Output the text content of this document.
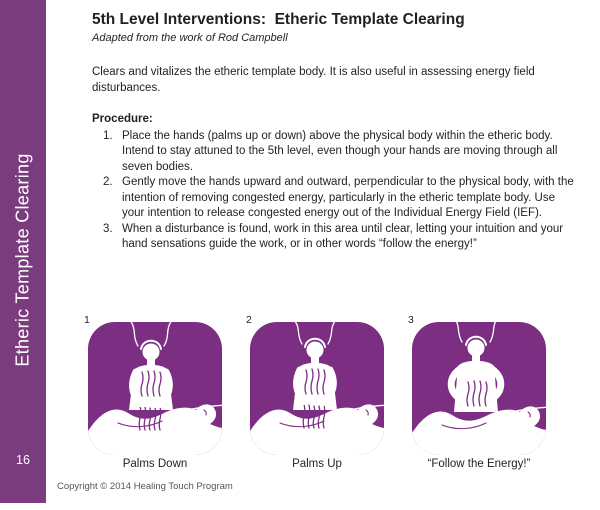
Etheric Template Clearing
16
5th Level Interventions:  Etheric Template Clearing

Adapted from the work of Rod Campbell

Clears and vitalizes the etheric template body. It is also useful in assessing energy field disturbances.

Procedure:
1. Place the hands (palms up or down) above the physical body within the etheric body. Intend to stay attuned to the 5th level, even though your hands are moving through all seven bodies.
2. Gently move the hands upward and outward, perpendicular to the physical body, with the intention of removing congested energy, particularly in the etheric template body. Use your intention to release congested energy out of the Individual Energy Field (IEF).
3. When a disturbance is found, work in this area until clear, letting your intuition and your hand sensations guide the work, or in other words “follow the energy!”
1
Palms Down
2
Palms Up
3
“Follow the Energy!”
Copyright © 2014 Healing Touch Program
